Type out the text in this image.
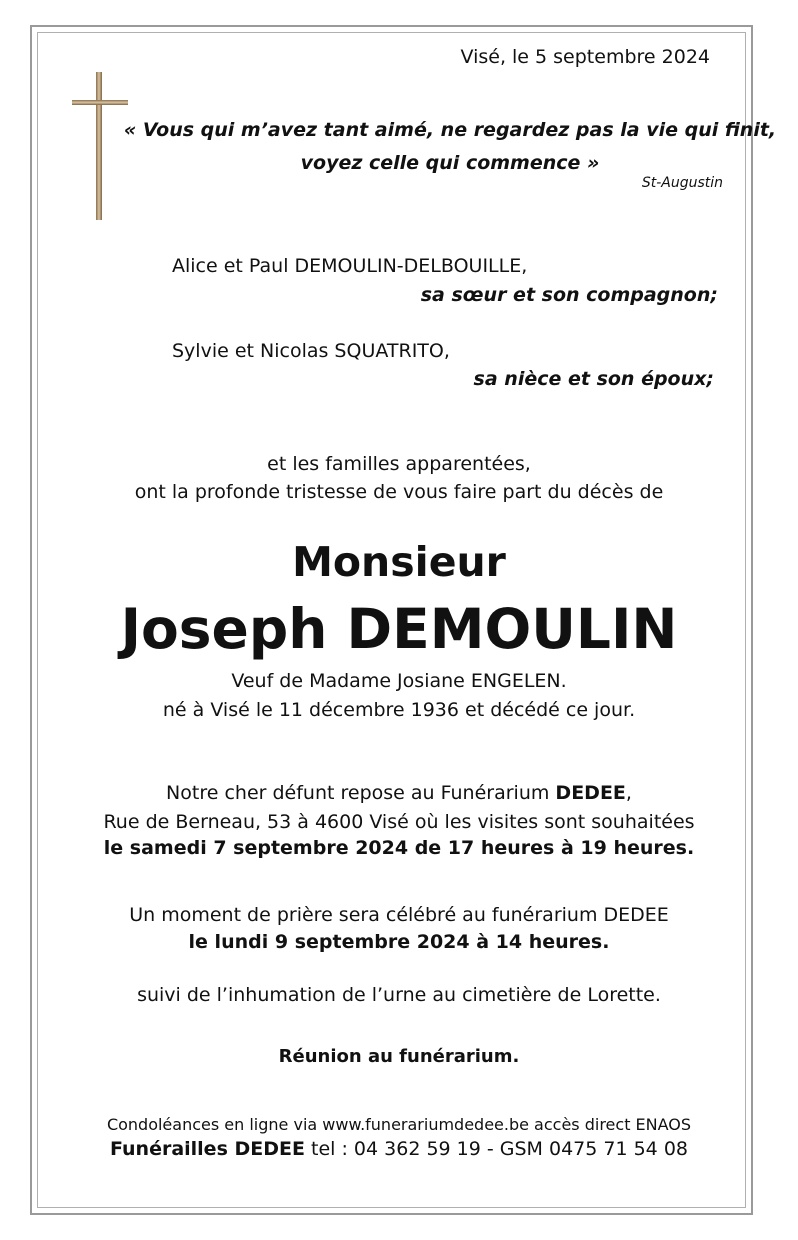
Visé, le 5 septembre 2024
« Vous qui m’avez tant aimé, ne regardez pas la vie qui finit, voyez celle qui commence »
St-Augustin
Alice et Paul DEMOULIN-DELBOUILLE,
sa sœur et son compagnon;
Sylvie et Nicolas SQUATRITO,
sa nièce et son époux;
et les familles apparentées,
ont la profonde tristesse de vous faire part du décès de
Monsieur
Joseph DEMOULIN
Veuf de Madame Josiane ENGELEN.
né à Visé le 11 décembre 1936 et décédé ce jour.
Notre cher défunt repose au Funérarium DEDEE,
Rue de Berneau, 53 à 4600 Visé où les visites sont souhaitées
le samedi 7 septembre 2024 de 17 heures à 19 heures.
Un moment de prière sera célébré au funérarium DEDEE
le lundi 9 septembre 2024 à 14 heures.
suivi de l’inhumation de l’urne au cimetière de Lorette.
Réunion au funérarium.
Condoléances en ligne via www.funerariumdedee.be accès direct ENAOS
Funérailles DEDEE tel : 04 362 59 19 - GSM 0475 71 54 08
